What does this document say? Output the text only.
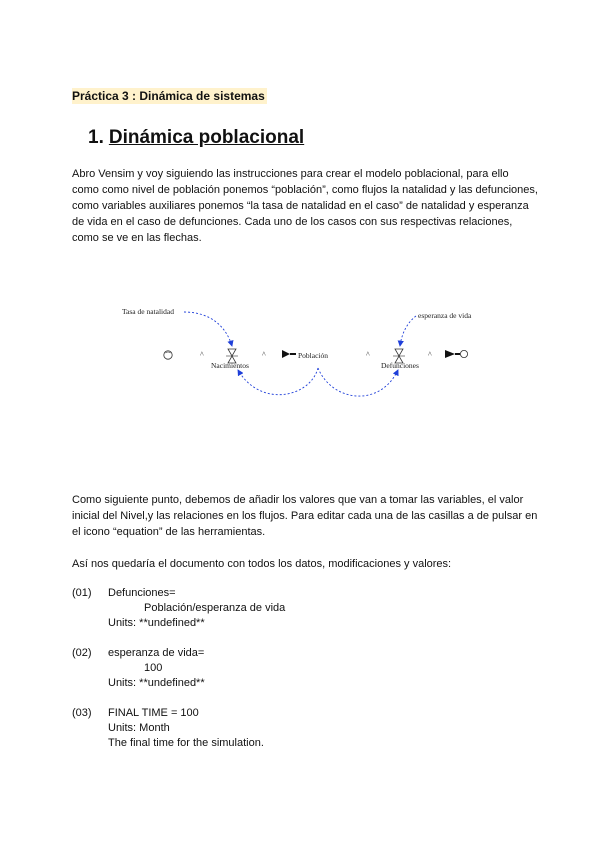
Práctica 3 : Dinámica de sistemas
1. Dinámica poblacional
Abro Vensim y voy siguiendo las instrucciones para crear el modelo poblacional, para ello como como nivel de población ponemos “población”, como flujos la natalidad y las defunciones, como variables auxiliares ponemos “la tasa de natalidad en el caso” de natalidad y esperanza de vida en el caso de defunciones. Cada uno de los casos con sus respectivas relaciones, como se ve en las flechas.
^
Nacimientos
^	Población	^
Defunciones
^
Tasa de natalidad	esperanza de vida
Como siguiente punto, debemos de añadir los valores que van a tomar las variables, el valor inicial del Nivel,y las relaciones en los flujos. Para editar cada una de las casillas a de pulsar en el icono “equation” de las herramientas.
Así nos quedaría el documento con todos los datos, modificaciones y valores:
(01)	Defunciones=
Población/esperanza de vida
Units: **undefined**
(02)	esperanza de vida=
100
Units: **undefined**
(03)	FINAL TIME = 100
Units: Month
The final time for the simulation.
